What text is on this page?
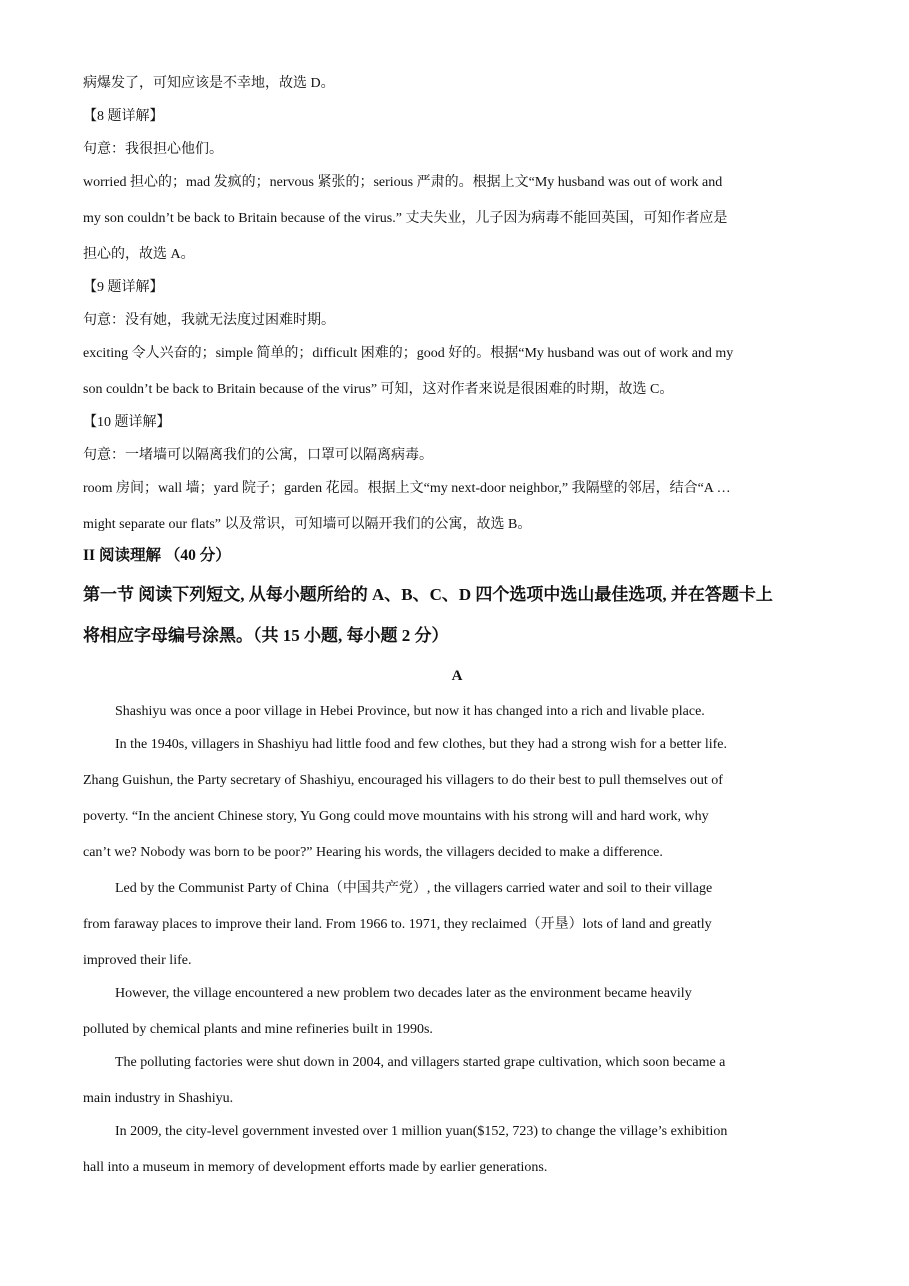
病爆发了，可知应该是不幸地，故选 D。

【8 题详解】

句意：我很担心他们。

worried 担心的；mad 发疯的；nervous 紧张的；serious 严肃的。根据上文“My husband was out of work and

my son couldn’t be back to Britain because of the virus.” 丈夫失业，儿子因为病毒不能回英国，可知作者应是

担心的，故选 A。

【9 题详解】

句意：没有她，我就无法度过困难时期。

exciting 令人兴奋的；simple 简单的；difficult 困难的；good 好的。根据“My husband was out of work and my

son couldn’t be back to Britain because of the virus” 可知，这对作者来说是很困难的时期，故选 C。

【10 题详解】

句意：一堵墙可以隔离我们的公寓，口罩可以隔离病毒。

room 房间；wall 墙；yard 院子；garden 花园。根据上文“my next-door neighbor,” 我隔壁的邻居，结合“A …

might separate our flats” 以及常识，可知墙可以隔开我们的公寓，故选 B。

II 阅读理解 （40 分）

第一节 阅读下列短文, 从每小题所给的 A、B、C、D 四个选项中选山最佳选项, 并在答题卡上

将相应字母编号涂黑。（共 15 小题, 每小题 2 分）

A

Shashiyu was once a poor village in Hebei Province, but now it has changed into a rich and livable place.

In the 1940s, villagers in Shashiyu had little food and few clothes, but they had a strong wish for a better life.

Zhang Guishun, the Party secretary of Shashiyu, encouraged his villagers to do their best to pull themselves out of

poverty. “In the ancient Chinese story, Yu Gong could move mountains with his strong will and hard work, why

can’t we? Nobody was born to be poor?” Hearing his words, the villagers decided to make a difference.

Led by the Communist Party of China（中国共产党）, the villagers carried water and soil to their village

from faraway places to improve their land. From 1966 to. 1971, they reclaimed（开垦）lots of land and greatly

improved their life.

However, the village encountered a new problem two decades later as the environment became heavily

polluted by chemical plants and mine refineries built in 1990s.

The polluting factories were shut down in 2004, and villagers started grape cultivation, which soon became a

main industry in Shashiyu.

In 2009, the city-level government invested over 1 million yuan($152, 723) to change the village’s exhibition

hall into a museum in memory of development efforts made by earlier generations.
